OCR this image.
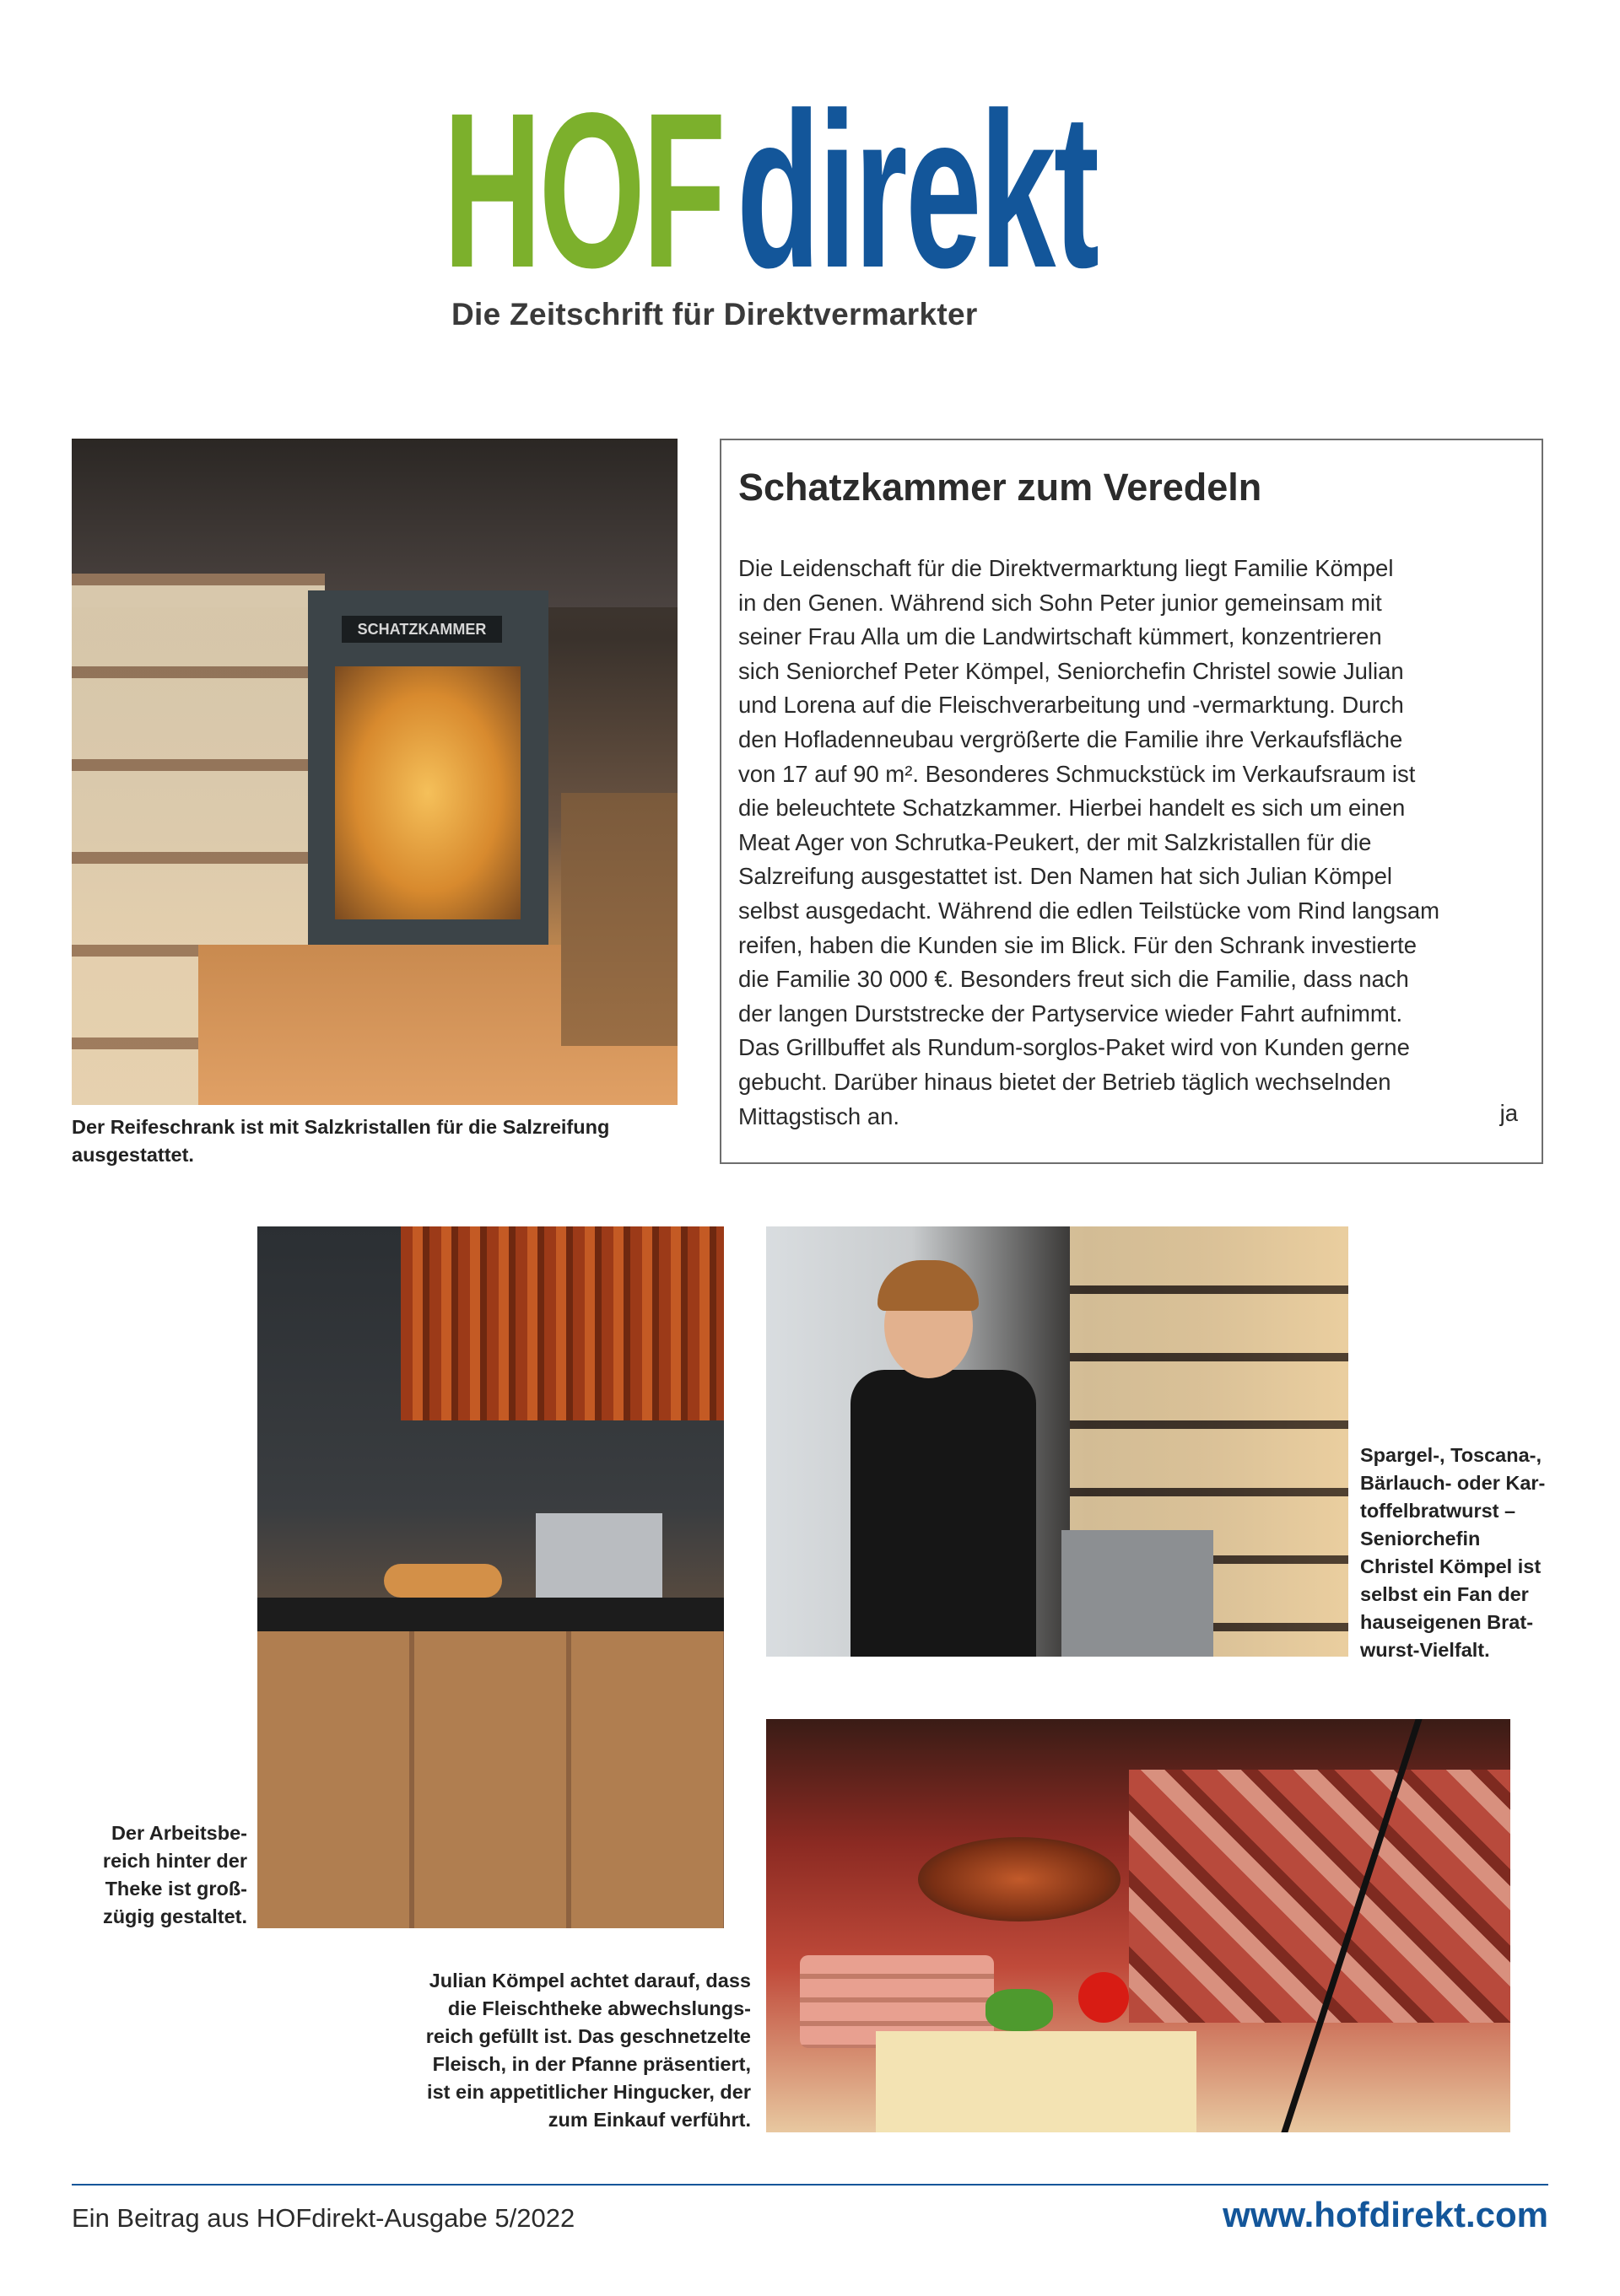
HOF direkt
Die Zeitschrift für Direktvermarkter
SCHATZKAMMER
Schatzkammer zum Veredeln
Die Leidenschaft für die Direktvermarktung liegt Familie Kömpel
in den Genen. Während sich Sohn Peter junior gemeinsam mit
seiner Frau Alla um die Landwirtschaft kümmert, konzentrieren
sich Seniorchef Peter Kömpel, Seniorchefin Christel sowie Julian
und Lorena auf die Fleischverarbeitung und -vermarktung. Durch
den Hofladenneubau vergrößerte die Familie ihre Verkaufsfläche
von 17 auf 90 m². Besonderes Schmuckstück im Verkaufsraum ist
die beleuchtete Schatzkammer. Hierbei handelt es sich um einen
Meat Ager von Schrutka-Peukert, der mit Salzkristallen für die
Salzreifung ausgestattet ist. Den Namen hat sich Julian Kömpel
selbst ausgedacht. Während die edlen Teilstücke vom Rind langsam
reifen, haben die Kunden sie im Blick. Für den Schrank investierte
die Familie 30 000 €. Besonders freut sich die Familie, dass nach
der langen Durststrecke der Partyservice wieder Fahrt aufnimmt.
Das Grillbuffet als Rundum-sorglos-Paket wird von Kunden gerne
gebucht. Darüber hinaus bietet der Betrieb täglich wechselnden
Mittagstisch an.	ja
Der Reifeschrank ist mit Salzkristallen für die Salzreifung
ausgestattet.
Spargel-, Toscana-,
Bärlauch- oder Kar-
toffelbratwurst –
Seniorchefin
Christel Kömpel ist
selbst ein Fan der
hauseigenen Brat-
wurst-Vielfalt.
Der Arbeitsbe-
reich hinter der
Theke ist groß-
zügig gestaltet.
Julian Kömpel achtet darauf, dass
die Fleischtheke abwechslungs-
reich gefüllt ist. Das geschnetzelte
Fleisch, in der Pfanne präsentiert,
ist ein appetitlicher Hingucker, der
zum Einkauf verführt.
Ein Beitrag aus HOFdirekt-Ausgabe 5/2022	www.hofdirekt.com
